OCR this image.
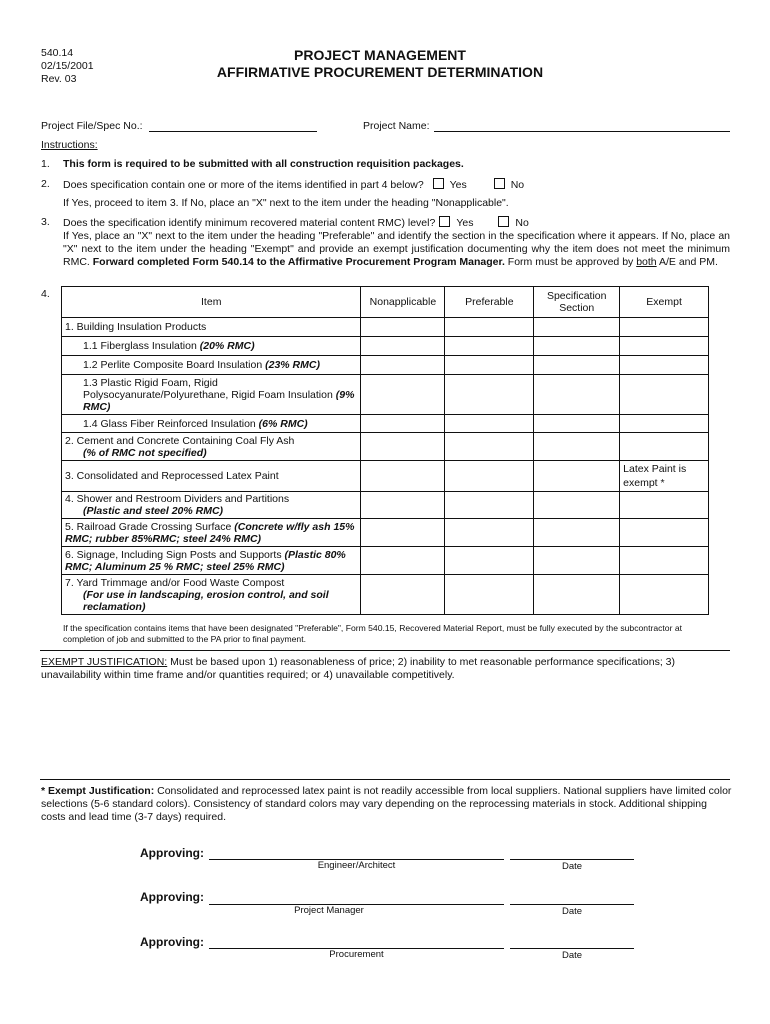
540.14
02/15/2001
Rev. 03
PROJECT MANAGEMENT
AFFIRMATIVE PROCUREMENT DETERMINATION
Project File/Spec No.:	Project Name:
Instructions:
1. This form is required to be submitted with all construction requisition packages.
2. Does specification contain one or more of the items identified in part 4 below? Yes	No
If Yes, proceed to item 3. If No, place an "X" next to the item under the heading "Nonapplicable".
3. Does the specification identify minimum recovered material content RMC) level? Yes	No
If Yes, place an "X" next to the item under the heading "Preferable" and identify the section in the specification where it appears. If No, place an "X" next to the item under the heading "Exempt" and provide an exempt justification documenting why the item does not meet the minimum RMC. Forward completed Form 540.14 to the Affirmative Procurement Program Manager. Form must be approved by both A/E and PM.
4.
Item	Nonapplicable	Preferable	Specification Section	Exempt
1. Building Insulation Products				
1.1 Fiberglass Insulation (20% RMC)				
1.2 Perlite Composite Board Insulation (23% RMC)				
1.3 Plastic Rigid Foam, Rigid Polysocyanurate/Polyurethane, Rigid Foam Insulation (9% RMC)				
1.4 Glass Fiber Reinforced Insulation (6% RMC)				
2. Cement and Concrete Containing Coal Fly Ash
(% of RMC not specified)				
3. Consolidated and Reprocessed Latex Paint				Latex Paint is exempt *
4. Shower and Restroom Dividers and Partitions
(Plastic and steel 20% RMC)				
5. Railroad Grade Crossing Surface (Concrete w/fly ash 15% RMC; rubber 85%RMC; steel 24% RMC)				
6. Signage, Including Sign Posts and Supports (Plastic 80% RMC; Aluminum 25 % RMC; steel 25% RMC)				
7. Yard Trimmage and/or Food Waste Compost
(For use in landscaping, erosion control, and soil reclamation)				
If the specification contains items that have been designated "Preferable", Form 540.15, Recovered Material Report, must be fully executed by the subcontractor at completion of job and submitted to the PA prior to final payment.
EXEMPT JUSTIFICATION: Must be based upon 1) reasonableness of price; 2) inability to met reasonable performance specifications; 3) unavailability within time frame and/or quantities required; or 4) unavailable competitively.
* Exempt Justification: Consolidated and reprocessed latex paint is not readily accessible from local suppliers. National suppliers have limited color selections (5-6 standard colors). Consistency of standard colors may vary depending on the reprocessing materials in stock. Additional shipping costs and lead time (3-7 days) required.
Approving:
Engineer/Architect	Date
Approving:
Project Manager	Date
Approving:
Procurement	Date
